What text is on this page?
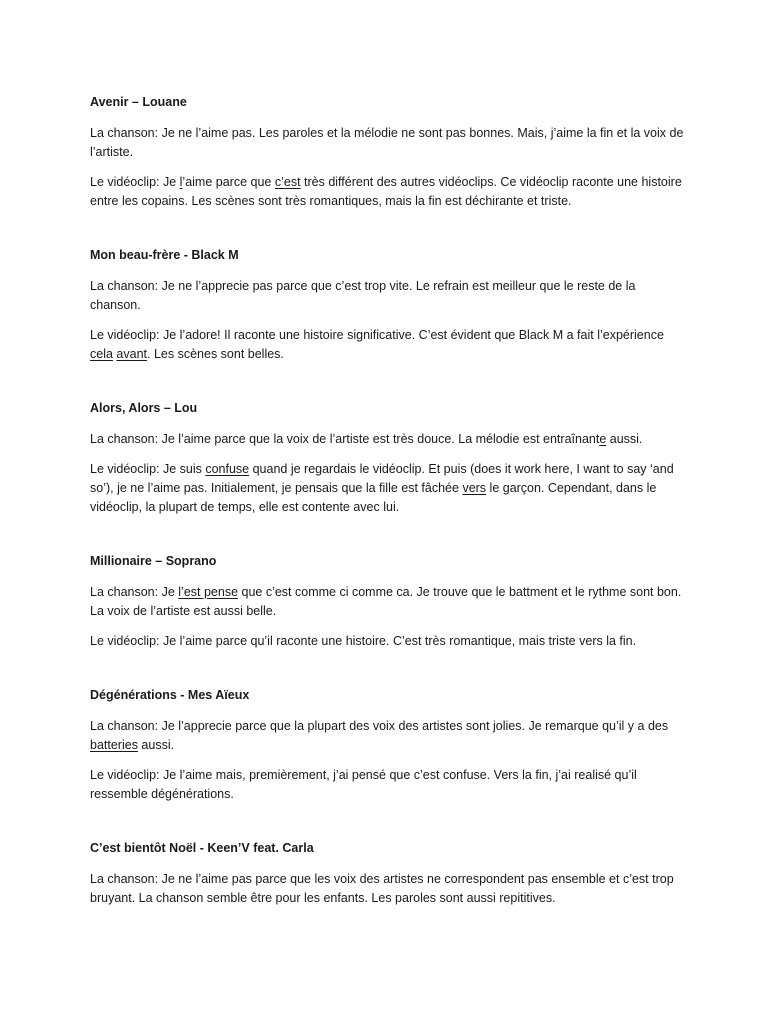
Avenir – Louane

La chanson: Je ne l’aime pas. Les paroles et la mélodie ne sont pas bonnes. Mais, j’aime la fin et la voix de l’artiste.

Le vidéoclip: Je l’aime parce que c’est très différent des autres vidéoclips. Ce vidéoclip raconte une histoire entre les copains. Les scènes sont très romantiques, mais la fin est déchirante et triste.

Mon beau-frère - Black M

La chanson: Je ne l’apprecie pas parce que c’est trop vite. Le refrain est meilleur que le reste de la chanson.

Le vidéoclip: Je l’adore! Il raconte une histoire significative. C’est évident que Black M a fait l’expérience cela avant. Les scènes sont belles.

Alors, Alors – Lou

La chanson: Je l’aime parce que la voix de l’artiste est très douce. La mélodie est entraînante aussi.

Le vidéoclip: Je suis confuse quand je regardais le vidéoclip. Et puis (does it work here, I want to say ‘and so’), je ne l’aime pas. Initialement, je pensais que la fille est fâchée vers le garçon. Cependant, dans le vidéoclip, la plupart de temps, elle est contente avec lui.

Millionaire – Soprano

La chanson: Je l’est pense que c’est comme ci comme ca. Je trouve que le battment et le rythme sont bon. La voix de l’artiste est aussi belle.

Le vidéoclip: Je l’aime parce qu’il raconte une histoire. C’est très romantique, mais triste vers la fin.

Dégénérations - Mes Aïeux

La chanson: Je l’apprecie parce que la plupart des voix des artistes sont jolies. Je remarque qu’il y a des batteries aussi.

Le vidéoclip: Je l’aime mais, premièrement, j’ai pensé que c’est confuse. Vers la fin, j’ai realisé qu’il ressemble dégénérations.

C’est bientôt Noël - Keen’V feat. Carla

La chanson: Je ne l’aime pas parce que les voix des artistes ne correspondent pas ensemble et c’est trop bruyant. La chanson semble être pour les enfants. Les paroles sont aussi repititives.
